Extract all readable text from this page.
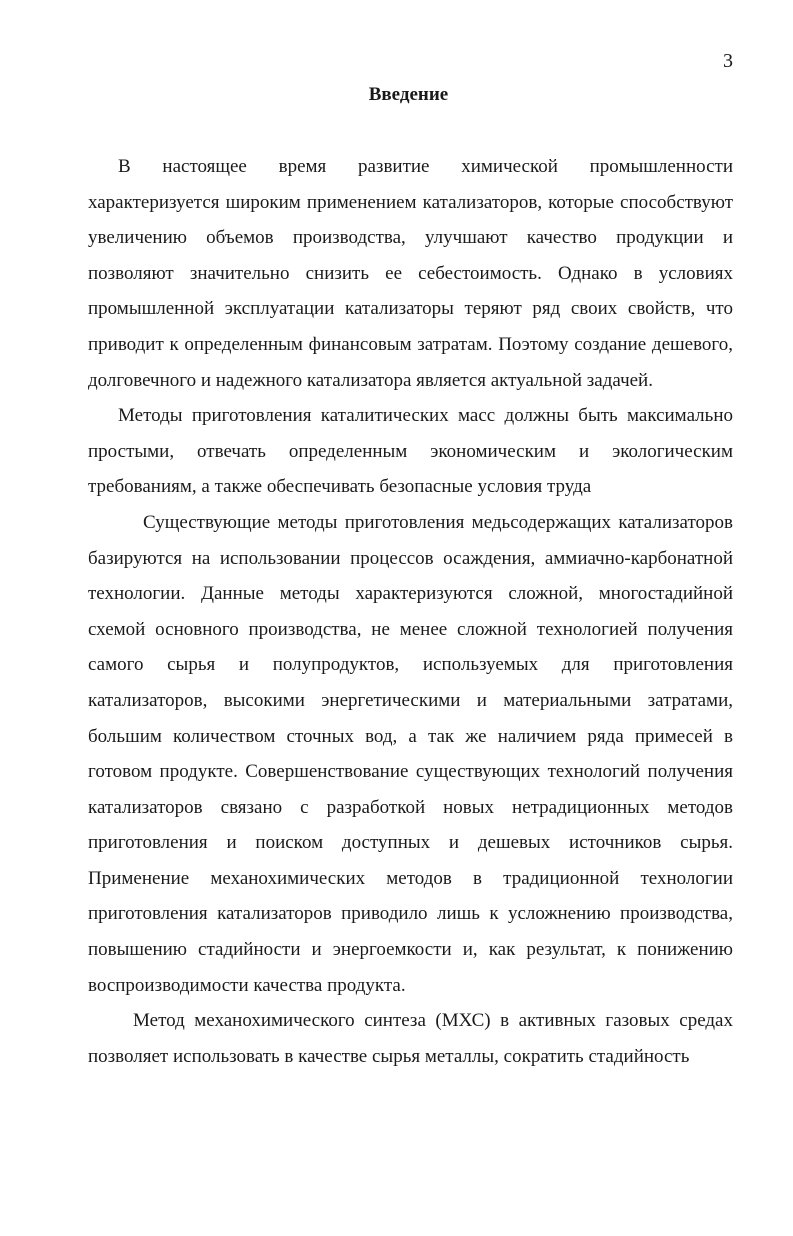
3
Введение

В настоящее время развитие химической промышленности характеризуется широким применением катализаторов, которые способствуют увеличению объемов производства, улучшают качество продукции и позволяют значительно снизить ее себестоимость. Однако в условиях промышленной эксплуатации катализаторы теряют ряд своих свойств, что приводит к определенным финансовым затратам. Поэтому создание дешевого, долговечного и надежного катализатора является актуальной задачей.

Методы приготовления каталитических масс должны быть максимально простыми, отвечать определенным экономическим и экологическим требованиям, а также обеспечивать безопасные условия труда

Существующие методы приготовления медьсодержащих катализаторов базируются на использовании процессов осаждения, аммиачно-карбонатной технологии. Данные методы характеризуются сложной, многостадийной схемой основного производства, не менее сложной технологией получения самого сырья и полупродуктов, используемых для приготовления катализаторов, высокими энергетическими и материальными затратами, большим количеством сточных вод, а так же наличием ряда примесей в готовом продукте. Совершенствование существующих технологий получения катализаторов связано с разработкой новых нетрадиционных методов приготовления и поиском доступных и дешевых источников сырья. Применение механохимических методов в традиционной технологии приготовления катализаторов приводило лишь к усложнению производства, повышению стадийности и энергоемкости и, как результат, к понижению воспроизводимости качества продукта.

Метод механохимического синтеза (МХС) в активных газовых средах позволяет использовать в качестве сырья металлы, сократить стадийность
